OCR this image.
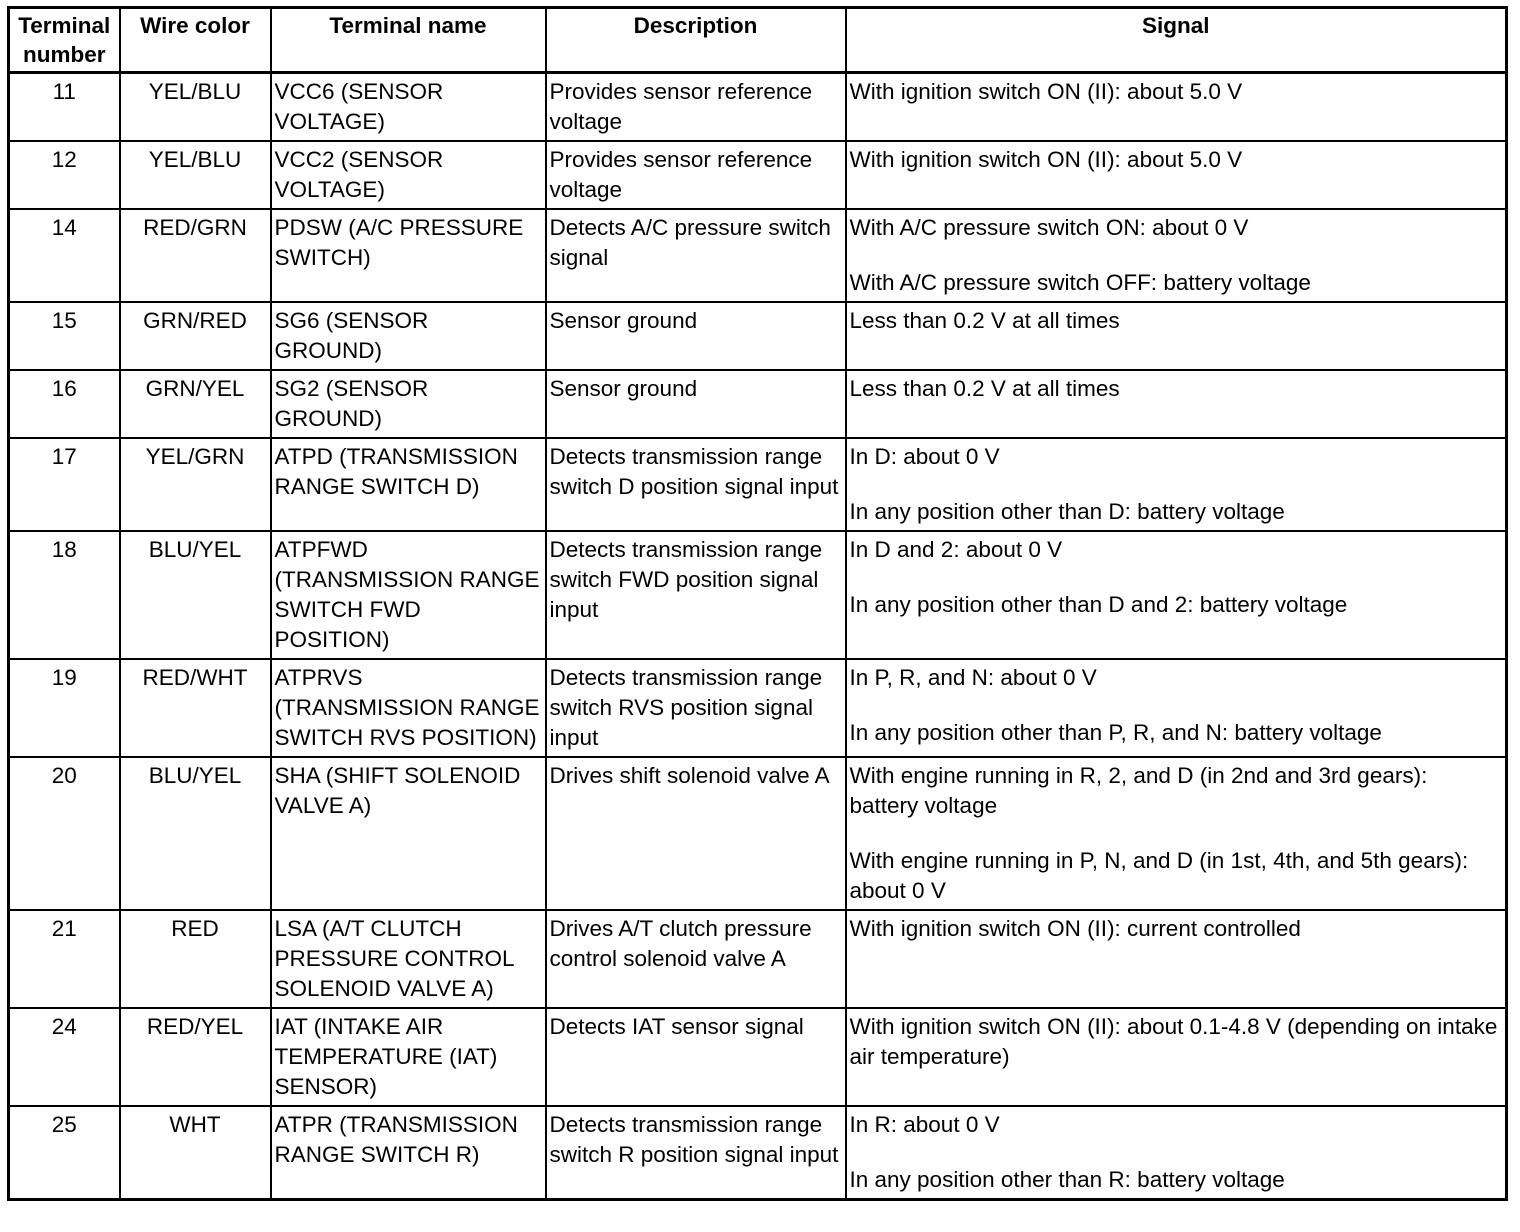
Terminal number	Wire color	Terminal name	Description	Signal
11	YEL/BLU	VCC6 (SENSOR VOLTAGE)	Provides sensor reference voltage	With ignition switch ON (II): about 5.0 V

12	YEL/BLU	VCC2 (SENSOR VOLTAGE)	Provides sensor reference voltage	With ignition switch ON (II): about 5.0 V

14	RED/GRN	PDSW (A/C PRESSURE SWITCH)	Detects A/C pressure switch signal	With A/C pressure switch ON: about 0 V
With A/C pressure switch OFF: battery voltage

15	GRN/RED	SG6 (SENSOR GROUND)	Sensor ground	Less than 0.2 V at all times

16	GRN/YEL	SG2 (SENSOR GROUND)	Sensor ground	Less than 0.2 V at all times

17	YEL/GRN	ATPD (TRANSMISSION RANGE SWITCH D)	Detects transmission range switch D position signal input	In D: about 0 V
In any position other than D: battery voltage

18	BLU/YEL	ATPFWD (TRANSMISSION RANGE SWITCH FWD POSITION)	Detects transmission range switch FWD position signal input	In D and 2: about 0 V
In any position other than D and 2: battery voltage

19	RED/WHT	ATPRVS (TRANSMISSION RANGE SWITCH RVS POSITION)	Detects transmission range switch RVS position signal input	In P, R, and N: about 0 V
In any position other than P, R, and N: battery voltage

20	BLU/YEL	SHA (SHIFT SOLENOID VALVE A)	Drives shift solenoid valve A	With engine running in R, 2, and D (in 2nd and 3rd gears): battery voltage
With engine running in P, N, and D (in 1st, 4th, and 5th gears): about 0 V

21	RED	LSA (A/T CLUTCH PRESSURE CONTROL SOLENOID VALVE A)	Drives A/T clutch pressure control solenoid valve A	With ignition switch ON (II): current controlled

24	RED/YEL	IAT (INTAKE AIR TEMPERATURE (IAT) SENSOR)	Detects IAT sensor signal	With ignition switch ON (II): about 0.1-4.8 V (depending on intake air temperature)

25	WHT	ATPR (TRANSMISSION RANGE SWITCH R)	Detects transmission range switch R position signal input	In R: about 0 V
In any position other than R: battery voltage
